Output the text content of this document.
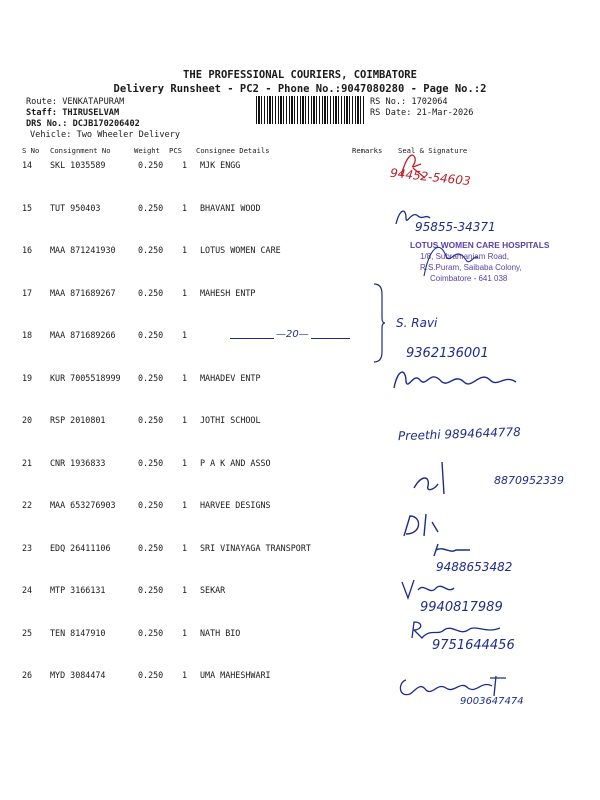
THE PROFESSIONAL COURIERS, COIMBATORE
Delivery Runsheet - PC2 - Phone No.:9047080280 - Page No.:2
Route: VENKATAPURAM
Staff: THIRUSELVAM
DRS No.: DCJB170206402
Vehicle: Two Wheeler Delivery
RS No.: 1702064
RS Date: 21-Mar-2026
S No Consignment No	Weight PCS Consignee Details	Remarks Seal & Signature
14 SKL 1035589	0.250 1 MJK ENGG
15 TUT 950403	0.250 1 BHAVANI WOOD
16 MAA 871241930	0.250 1 LOTUS WOMEN CARE
17 MAA 871689267	0.250 1 MAHESH ENTP
18 MAA 871689266	0.250 1
19 KUR 7005518999 0.250 1 MAHADEV ENTP
20 RSP 2010801	0.250 1 JOTHI SCHOOL
21 CNR 1936833	0.250 1 P A K AND ASSO
22 MAA 653276903	0.250 1 HARVEE DESIGNS
23 EDQ 26411106	0.250 1 SRI VINAYAGA TRANSPORT
24 MTP 3166131	0.250 1 SEKAR
25 TEN 8147910	0.250 1 NATH BIO
26 MYD 3084474	0.250 1 UMA MAHESHWARI
—20—
94452-54603
95855-34371
LOTUS WOMEN CARE HOSPITALS
1/8, Subramaniam Road,
R.S.Puram, Saibaba Colony,
Coimbatore - 641 038
S. Ravi
9362136001
Preethi 9894644778
8870952339
9488653482
9940817989
9751644456
9003647474
